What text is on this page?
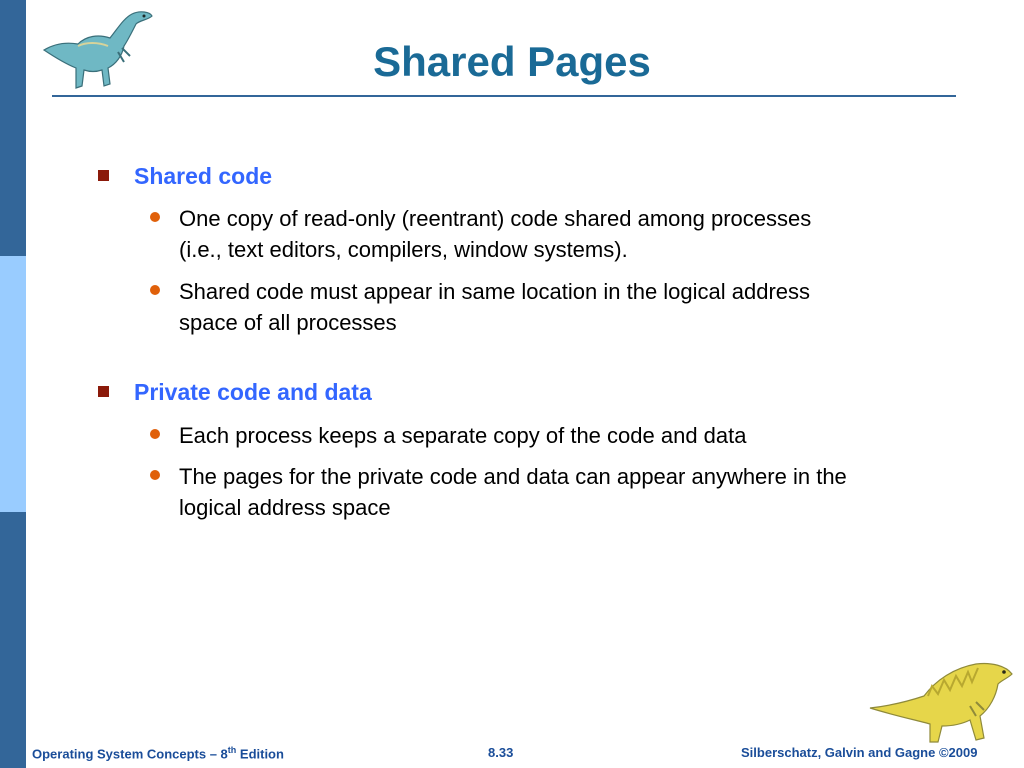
Shared Pages
Shared code
One copy of read-only (reentrant) code shared among processes (i.e., text editors, compilers, window systems).
Shared code must appear in same location in the logical address space of all processes
Private code and data
Each process keeps a separate copy of the code and data
The pages for the private code and data can appear anywhere in the logical address space
Operating System Concepts – 8th Edition	8.33	Silberschatz, Galvin and Gagne ©2009
